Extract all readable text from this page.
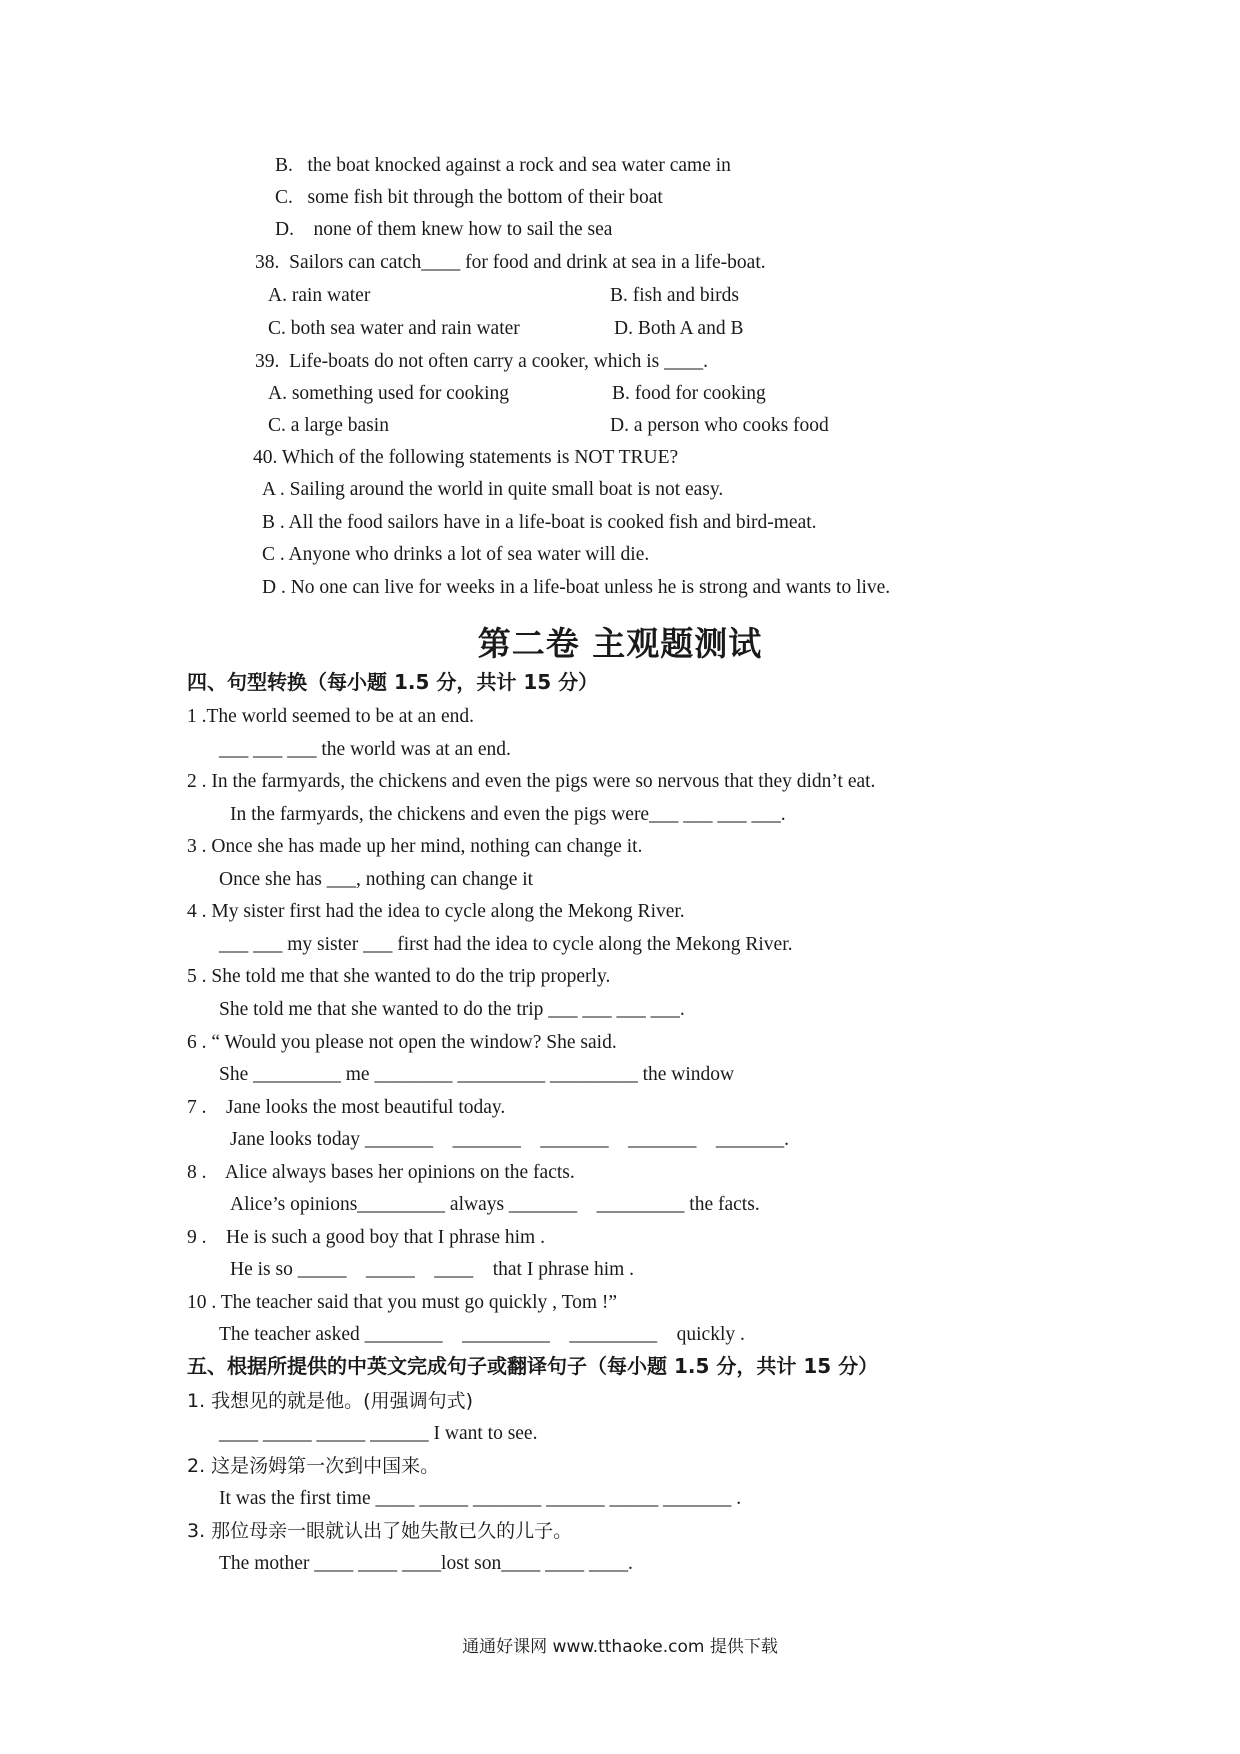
B.   the boat knocked against a rock and sea water came in
C.   some fish bit through the bottom of their boat
D.    none of them knew how to sail the sea
38.  Sailors can catch____ for food and drink at sea in a life-boat.
A. rain water	B. fish and birds
C. both sea water and rain water	D. Both A and B
39.  Life-boats do not often carry a cooker, which is ____.
A. something used for cooking	B. food for cooking
C. a large basin	D. a person who cooks food
40. Which of the following statements is NOT TRUE?
A . Sailing around the world in quite small boat is not easy.
B . All the food sailors have in a life-boat is cooked fish and bird-meat.
C . Anyone who drinks a lot of sea water will die.
D . No one can live for weeks in a life-boat unless he is strong and wants to live.
第二卷 主观题测试
四、句型转换（每小题 1.5 分，共计 15 分）
1 .The world seemed to be at an end.
___ ___ ___ the world was at an end.
2 . In the farmyards, the chickens and even the pigs were so nervous that they didn’t eat.
In the farmyards, the chickens and even the pigs were___ ___ ___ ___.
3 . Once she has made up her mind, nothing can change it.
Once she has ___, nothing can change it
4 . My sister first had the idea to cycle along the Mekong River.
___ ___ my sister ___ first had the idea to cycle along the Mekong River.
5 . She told me that she wanted to do the trip properly.
She told me that she wanted to do the trip ___ ___ ___ ___.
6 . “ Would you please not open the window? She said.
She _________ me ________ _________ _________ the window
7 .    Jane looks the most beautiful today.
Jane looks today _______    _______    _______    _______    _______.
8 .    Alice always bases her opinions on the facts.
Alice’s opinions_________ always _______    _________ the facts.
9 .    He is such a good boy that I phrase him .
He is so _____    _____    ____    that I phrase him .
10 . The teacher said that you must go quickly , Tom !”
The teacher asked ________    _________    _________    quickly .
五、根据所提供的中英文完成句子或翻译句子（每小题 1.5 分，共计 15 分）
1. 我想见的就是他。(用强调句式)
____ _____ _____ ______ I want to see.
2. 这是汤姆第一次到中国来。
It was the first time ____ _____ _______ ______ _____ _______ .
3. 那位母亲一眼就认出了她失散已久的儿子。
The mother ____ ____ ____lost son____ ____ ____.
通通好课网 www.tthaoke.com 提供下载
